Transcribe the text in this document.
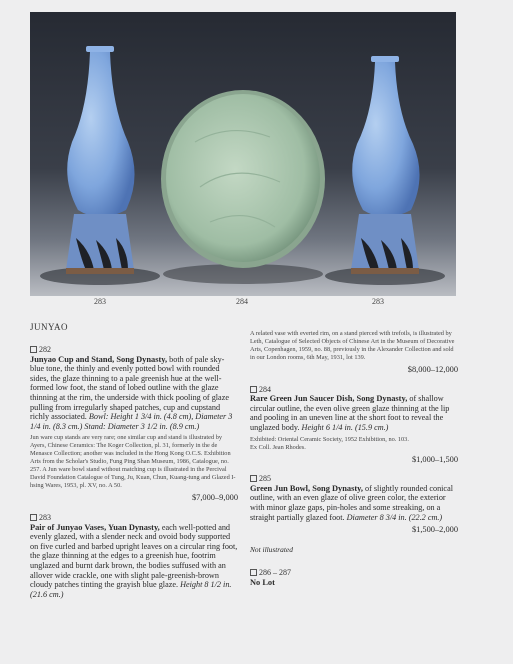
283	284	283
JUNYAO
282

Junyao Cup and Stand, Song Dynasty, both of pale sky-blue tone, the thinly and evenly potted bowl with rounded sides, the glaze thinning to a pale greenish hue at the well-formed low foot, the stand of lobed outline with the glaze thinning at the rim, the underside with thick pooling of glaze pulling from irregularly shaped patches, cup and cupstand richly associated. Bowl: Height 1 3/4 in. (4.8 cm), Diameter 3 1/4 in. (8.3 cm.) Stand: Diameter 3 1/2 in. (8.9 cm.)

Jun ware cup stands are very rare; one similar cup and stand is illustrated by Ayers, Chinese Ceramics: The Koger Collection, pl. 31, formerly in the de Menasce Collection; another was included in the Hong Kong O.C.S. Exhibition Arts from the Scholar's Studio, Fung Ping Shan Museum, 1986, Catalogue, no. 257. A Jun ware bowl stand without matching cup is illustrated in the Percival David Foundation Catalogue of Tung, Ju, Kuan, Chun, Kuang-tung and Glazed I-hsing Wares, 1953, pl. XV, no. A 50.

$7,000–9,000
283

Pair of Junyao Vases, Yuan Dynasty, each well-potted and evenly glazed, with a slender neck and ovoid body supported on five curled and barbed upright leaves on a circular ring foot, the glaze thinning at the edges to a greenish hue, footrim unglazed and burnt dark brown, the bodies suffused with an allover wide crackle, one with slight pale-greenish-brown cloudy patches tinting the grayish blue glaze. Height 8 1/2 in. (21.6 cm.)

A related vase with everted rim, on a stand pierced with trefoils, is illustrated by Leth, Catalogue of Selected Objects of Chinese Art in the Museum of Decorative Arts, Copenhagen, 1959, no. 88, previously in the Alexander Collection and sold in our London rooms, 6th May, 1931, lot 139.

$8,000–12,000
284

Rare Green Jun Saucer Dish, Song Dynasty, of shallow circular outline, the even olive green glaze thinning at the lip and pooling in an uneven line at the short foot to reveal the unglazed body. Height 6 1/4 in. (15.9 cm.)

Exhibited: Oriental Ceramic Society, 1952 Exhibition, no. 103.

Ex Coll. Jean Rhodes.

$1,000–1,500
285

Green Jun Bowl, Song Dynasty, of slightly rounded conical outline, with an even glaze of olive green color, the exterior with minor glaze gaps, pin-holes and some streaking, on a straight partially glazed foot. Diameter 8 3/4 in. (22.2 cm.)

$1,500–2,000

Not illustrated

286 – 287
No Lot
